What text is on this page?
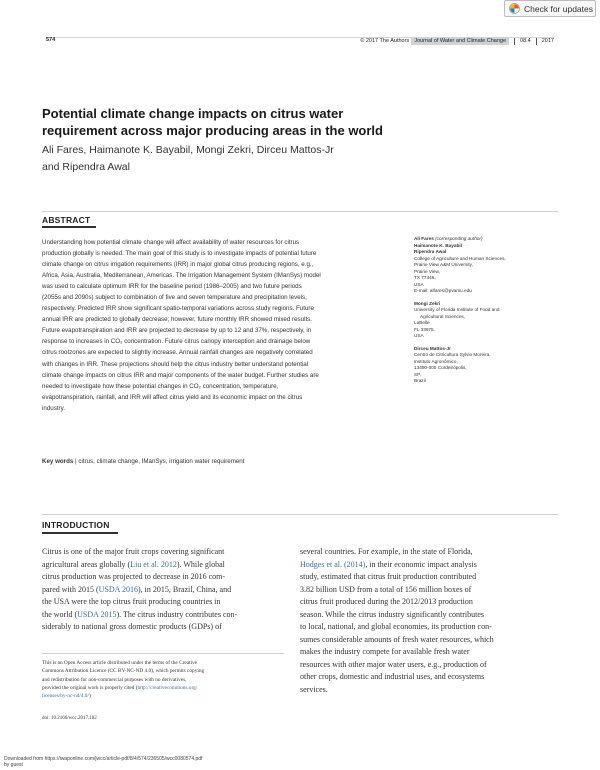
Check for updates
574	© 2017 The Authors Journal of Water and Climate Change	08.4 2017
Potential climate change impacts on citrus water
requirement across major producing areas in the world
Ali Fares, Haimanote K. Bayabil, Mongi Zekri, Dirceu Mattos-Jr
and Ripendra Awal
ABSTRACT
Understanding how potential climate change will affect availability of water resources for citrus
production globally is needed. The main goal of this study is to investigate impacts of potential future
climate change on citrus irrigation requirements (IRR) in major global citrus producing regions, e.g.,
Africa, Asia, Australia, Mediterranean, Americas. The Irrigation Management System (IManSys) model
was used to calculate optimum IRR for the baseline period (1986–2005) and two future periods
(2055s and 2090s) subject to combination of five and seven temperature and precipitation levels,
respectively. Predicted IRR show significant spatio-temporal variations across study regions. Future
annual IRR are predicted to globally decrease; however, future monthly IRR showed mixed results.
Future evapotranspiration and IRR are projected to decrease by up to 12 and 37%, respectively, in
response to increases in CO₂ concentration. Future citrus canopy interception and drainage below
citrus rootzones are expected to slightly increase. Annual rainfall changes are negatively correlated
with changes in IRR. These projections should help the citrus industry better understand potential
climate change impacts on citrus IRR and major components of the water budget. Further studies are
needed to investigate how these potential changes in CO₂ concentration, temperature,
evapotranspiration, rainfall, and IRR will affect citrus yield and its economic impact on the citrus
industry.
Key words | citrus, climate change, IManSys, irrigation water requirement
Ali Fares (corresponding author)
Haimanote K. Bayabil
Ripendra Awal
College of Agriculture and Human Sciences,
Prairie View A&M University,
Prairie View,
TX 77446,
USA
E-mail: alfares@pvamu.edu
Mongi Zekri
University of Florida Institute of Food and
Agricultural Sciences,
LaBelle
FL 33975,
USA
Dirceu Mattos-Jr
Centro de Citricultura Sylvio Moreira,
Instituto Agronômico,
13490-000 Cordeirópolis,
SP,
Brazil
INTRODUCTION
Citrus is one of the major fruit crops covering significant
agricultural areas globally (Liu et al. 2012). While global
citrus production was projected to decrease in 2016 com-
pared with 2015 (USDA 2016), in 2015, Brazil, China, and
the USA were the top citrus fruit producing countries in
the world (USDA 2015). The citrus industry contributes con-
siderably to national gross domestic products (GDPs) of
several countries. For example, in the state of Florida,
Hodges et al. (2014), in their economic impact analysis
study, estimated that citrus fruit production contributed
3.82 billion USD from a total of 156 million boxes of
citrus fruit produced during the 2012/2013 production
season. While the citrus industry significantly contributes
to local, national, and global economies, its production con-
sumes considerable amounts of fresh water resources, which
makes the industry compete for available fresh water
resources with other major water users, e.g., production of
other crops, domestic and industrial uses, and ecosystems
services.
This is an Open Access article distributed under the terms of the Creative
Commons Attribution Licence (CC BY-NC-ND 4.0), which permits copying
and redistribution for non-commercial purposes with no derivatives,
provided the original work is properly cited (http://creativecommons.org/
licenses/by-nc-nd/4.0/)
doi: 10.2166/wcc.2017.182
Downloaded from https://iwaponline.com/jwcc/article-pdf/8/4/574/236505/wcc0080574.pdf
by guest
